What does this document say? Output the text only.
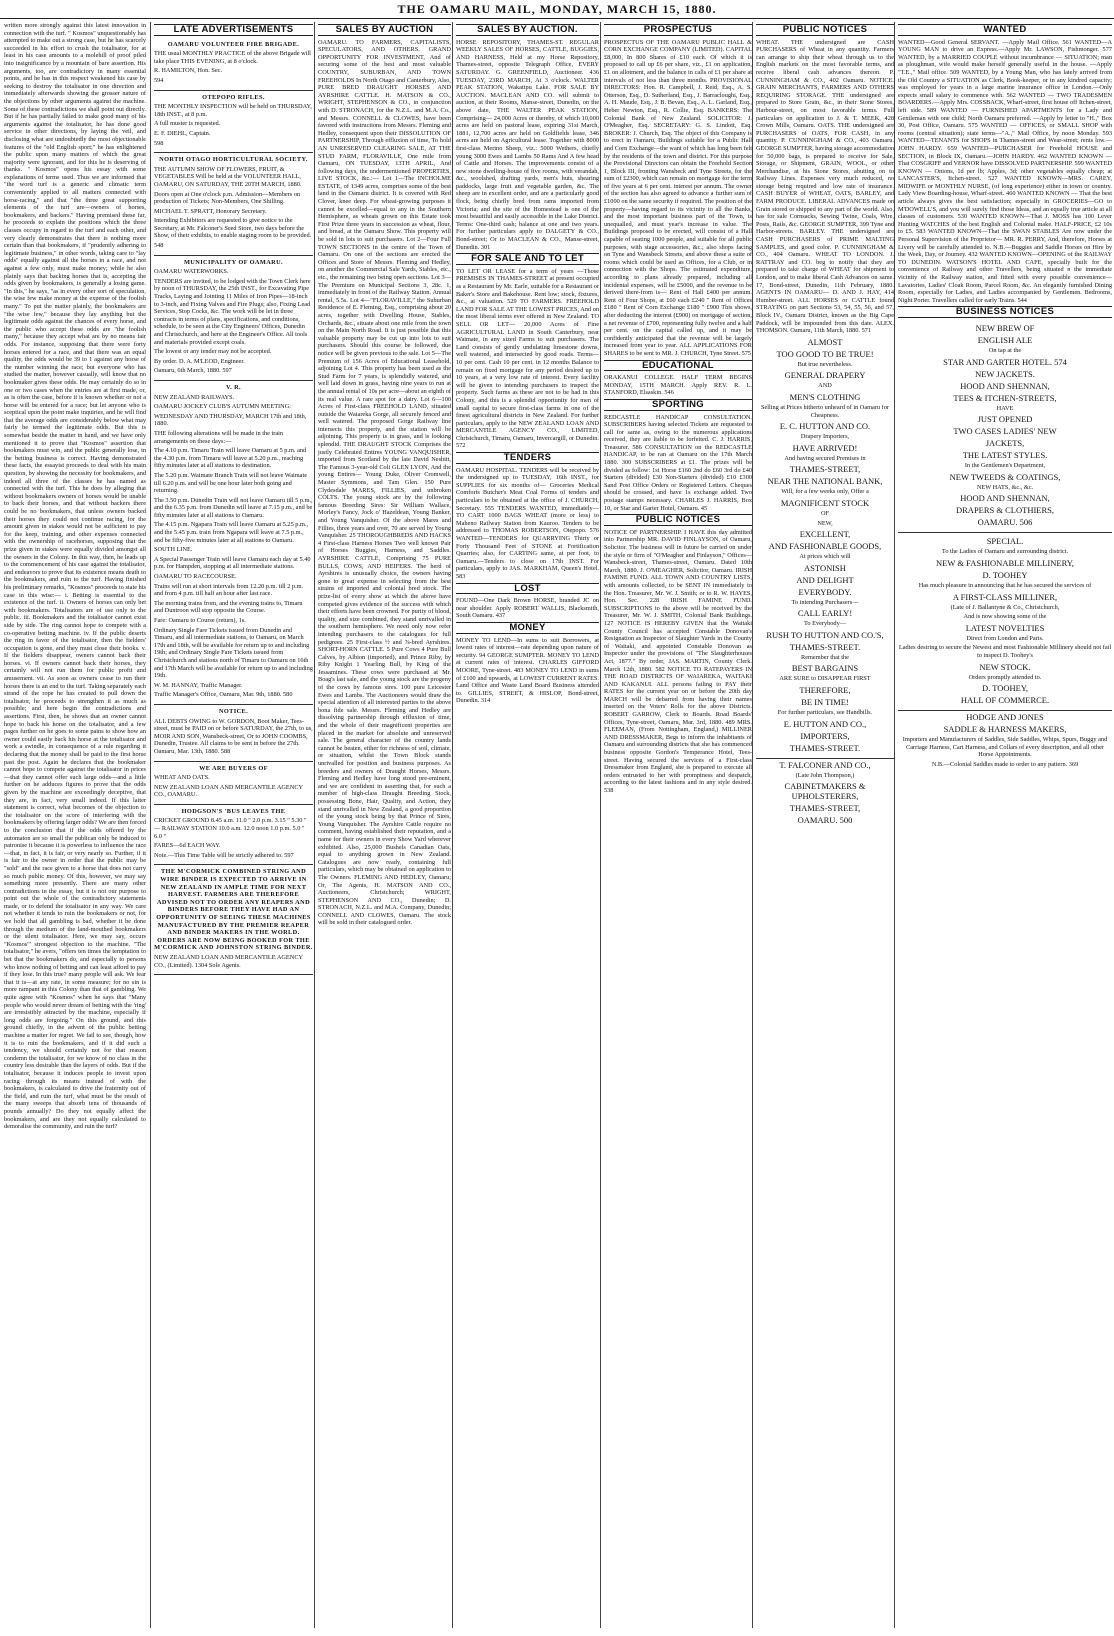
THE OAMARU MAIL, MONDAY, MARCH 15, 1880.
written more strongly against this latest innovation in connection with the turf. " Kosmos" unquestionably has attempted to make out a strong case, but he has scarcely succeeded in his effort to crush the totalisator, for at least in his case amounts to a molehill of proof piled into insignificance by a mountain of bare assertion. His arguments, too, are contradictory in many essential points, and he has in this respect weakened his case by seeking to destroy the totalisator in one direction and immediately afterwards showing the grosser nature of the objections by other arguments against the machine. Some of these contradictions we shall point out directly. But if he has partially failed to make good many of his arguments against the totalisator, he has done good service in other directions, by laying the veil, and disclosing what are undoubtedly the most objectionable features of the "old English sport;" he has enlightened the public upon many matters of which the great majority were ignorant, and for this he is deserving of thanks. " Kosmos" opens his essay with some explanations of terms used. Thus we are informed that "the word turf is a generic and climatic term conveniently applied to all matters connected with horse-racing," and that "the three great supporting elements of the turf are—owners of horses, bookmakers, and backers." Having premised these far, he proceeds to explain the positions which the three classes occupy in regard to the turf and each other, and very clearly demonstrates that there is nothing more certain than that bookmakers, if "prudently adhering to legitimate business," in other words, taking care to "lay odds" equally against all the horses in a race, and not against a few only, must make money; while he also plainly says that backing horses that is, accepting the odds given by bookmakers, is generally a losing game. "In this," he says, "as in every other sort of speculation, the wise few make money at the expense of the foolish many." To put the matter plainly, the bookmakers are "the wise few," because they lay anything but the legitimate odds against the chances of every horse, and the public who accept these odds are "the foolish many," because they accept what are by no means fair odds. For instance, supposing that there were forty horses entered for a race, and that there was an equal quality, the odds would be 39 to 1 against any horse of the number winning the race; but everyone who has studied the matter, however casually, will know that no bookmaker gives these odds. He may certainly do so in one or two cases when the entries are at first made, or, as is often the case, before it is known whether or not a horse will be entered for a race; but let anyone who is sceptical upon the point make inquiries, and he will find that the average odds are considerably below what may fairly be termed the legitimate odds. But this is somewhat beside the matter in hand, and we have only mentioned it to prove that "Kosmos" assertion that bookmakers must win, and the public generally lose, in the betting business is correct. Having demonstrated these facts, the essayist proceeds to deal with his main question, by showing the necessity for bookmakers, and indeed all three of the classes he has named as connected with the turf. This he does by alleging that without bookmakers owners of horses would be unable to back their horses, and that without backers there could be no bookmakers, that unless owners backed their horses they could not continue racing, for the amount given in stakes would not be sufficient to pay for the keep, training, and other expenses connected with the ownership of racehorses, supposing that the prize given in stakes were equally divided amongst all the owners in the Colony. In this way, then, he leads up to the commencement of his case against the totalisator, and endeavors to prove that its existence means death to the bookmakers, and ruin to the turf. Having finished his preliminary remarks, "Kosmos" proceeds to state his case in this wise:— i. Betting is essential to the existence of the turf. ii. Owners of horses can only bet with bookmakers. Totalisators are of use only to the public. iii. Bookmakers and the totalisator cannot exist side by side. The ring cannot hope to compete with a co-operative betting machine. iv. If the public deserts the ring in favor of the totalisator, then the fielders' occupation is gone, and they must close their books. v. If the fielders disappear, owners cannot back their horses. vi. If owners cannot back their horses, they certainly will not run them for public profit and amusement. vii. As soon as owners cease to run their horses there is an end to the turf. Taking separately each strand of the rope he has created to pull down the totalisator, he proceeds to strengthen it as much as possible; and here begin the contradictions and assertions. First, then, he shows that an owner cannot hope to back his horse on the totalisator, and a few pages further on he goes to some pains to show how an owner could easily back his horse at the totalisator and work a swindle, in consequence of a rule regarding it declaring that the money shall be paid to the first horse past the post. Again he declares that the bookmaker cannot hope to compete against the totalisator in prices—that they cannot offer such large odds—and a little further on he adduces figures to prove that the odds given by the machine are exceedingly deceptive, that they are, in fact, very small indeed. If this latter statement is correct, what becomes of the objection to the totalisator on the score of interfering with the bookmakers by offering larger odds? We are then forced to the conclusion that if the odds offered by the automaton are so small the publican only be induced to patronise it because it is powerless to influence the race—that, in fact, it is fair, or very nearly so. Further, if it is fair to the owner in order that the public may be "sold" and the race given to a horse that does not carry so much public money. Of this, however, we may say something more presently. There are many other contradictions in the essay, but it is not our purpose to point out the whole of the contradictory statements made, or to defend the totalisator in any way. We care not whether it tends to ruin the bookmakers or not, for we hold that all gambling is bad, whether it be done through the medium of the land-mouthed bookmakers or the silent totalisator. Here, we may say, occurs "Kosmos'" strongest objection to the machine. "The totalisator," he avers, "offers ten times the temptation to bet that the bookmakers do, and especially to persons who know nothing of betting and can least afford to pay if they lose. In this true? many people will ask. We fear that it is—at any rate, in some measure; for no sin is more rampant in this Colony than that of gambling. We quite agree with "Kosmos" when he says that "Many people who would never dream of betting with the 'ring' are irresistibly attracted by the machine, especially if long odds are forgoing." On this ground, and this ground chiefly, in the advent of the public betting machine a matter for regret. We fail to see, though, how it is to ruin the bookmakers, and if it did such a tendency, we should certainly not for that reason condemn the totalisator, for we know of no class in the country less desirable than the layers of odds. But if the totalisator, because it induces people to invest upon racing through its means instead of with the bookmakers, is calculated to drive the fraternity out of the field, and ruin the turf, what must be the result of the many sweeps that absorb tens of thousands of pounds annually? Do they not equally affect the bookmakers, and are they not equally calculated to demoralise the community, and ruin the turf?
LATE ADVERTISEMENTS

OAMARU VOLUNTEER FIRE BRIGADE.

THE usual MONTHLY PRACTICE of the above Brigade will take place THIS EVENING, at 8 o'clock.

R. HAMILTON, Hon. Sec.

594

OTEPOPO RIFLES.

THE MONTHLY INSPECTION will be held on THURSDAY, 18th INST., at 8 p.m.

A full muster is requested.

E. F. DIEHL, Captain.

598

NORTH OTAGO HORTICULTURAL SOCIETY.

THE AUTUMN SHOW OF FLOWERS, FRUIT, & VEGETABLES Will be held at the VOLUNTEER HALL, OAMARU, ON SATURDAY, THE 20TH MARCH, 1880.

Doors open at One o'clock p.m. Admission—Members on production of Tickets; Non-Members, One Shilling.

MICHAEL T. SPRATT, Honorary Secretary.

Intending Exhibitors are requested to give notice to the Secretary, at Mr. Falconer's Seed Store, two days before the Show, of their exhibits, to enable staging room to be provided.

548

MUNICIPALITY OF OAMARU.

OAMARU WATERWORKS.

TENDERS are invited, to be lodged with the Town Clerk here by noon of THURSDAY, the 25th INST., for Excavating Pipe Tracks, Laying and Jointing 11 Miles of Iron Pipes—18-inch to 3-inch, and Fixing Valves and Fire Plugs; also, Fixing Lead Services, Stop Cocks, &c. The work will be let in three contracts in terms of plans, specifications, and conditions, schedule, to be seen at the City Engineers' Offices, Dunedin and Christchurch, and here at the Engineer's Office. All tools and materials provided except coals.

The lowest or any tender may not be accepted.

By order. D. A. M'LEOD, Engineer.

Oamaru, 6th March, 1880. 597

V. R.

NEW ZEALAND RAILWAYS.

OAMARU JOCKEY CLUB'S AUTUMN MEETING.

WEDNESDAY AND THURSDAY, MARCH 17th and 18th, 1880.

THE following alterations will be made in the train arrangements on these days:—

The 4.10 p.m. Timaru Train will leave Oamaru at 5 p.m. and the 4.30 p.m. from Timaru will leave at 5.20 p.m., reaching fifty minutes later at all stations to destination.

The 5.20 p.m. Waimate Branch Train will not leave Waimate till 6.20 p.m. and will be one hour later both going and returning.

The 3.50 p.m. Dunedin Train will not leave Oamaru till 5 p.m., and the 6.35 p.m. from Dunedin will leave at 7.15 p.m., and be fifty minutes later at all stations to Oamaru.

The 4.15 p.m. Ngapara Train will leave Oamaru at 5.25 p.m., and the 5.45 p.m. train from Ngapara will leave at 7.5 p.m., and be fifty-five minutes later at all stations to Oamaru.

SOUTH LINE.

A Special Passenger Train will leave Oamaru each day at 5.40 p.m. for Hampden, stopping at all intermediate stations.

OAMARU TO RACECOURSE.

Trains will run at short intervals from 12.20 p.m. till 2 p.m. and from 4 p.m. till half an hour after last race.

The morning trains from, and the evening trains to, Timaru and Duntroon will stop opposite the Course.

Fare: Oamaru to Course (return), 1s.

Ordinary Single Fare Tickets issued from Dunedin and Timaru, and all intermediate stations, to Oamaru, on March 17th and 18th, will be available for return up to and including 19th; and Ordinary Single Fare Tickets issued from Christchurch and stations north of Timaru to Oamaru on 16th and 17th March will be available for return up to and including 19th.

W. M. HANNAY, Traffic Manager.

Traffic Manager's Office, Oamaru, Mar. 9th, 1880. 580

NOTICE.

ALL DEBTS OWING to W. GORDON, Boot Maker, Tees-street, must be PAID on or before SATURDAY, the 27th, to us, MOIR AND SON, Wansbeck-street, Or to JOHN COOMBS, Dunedin, Trustee. All claims to be sent in before the 27th. Oamaru, Mar. 13th, 1880. 588

WE ARE BUYERS OF

WHEAT AND OATS.

NEW ZEALAND LOAN AND MERCANTILE AGENCY CO., OAMARU.

HODGSON'S 'BUS LEAVES THE

CRICKET GROUND 8.45 a.m. 11.0 " 2.0 p.m. 3.15 " 5.30 " — RAILWAY STATION 10.0 a.m. 12.0 noon 1.0 p.m. 5.0 " 6.0 "

FARES—6d EACH WAY.

Note.—This Time Table will be strictly adhered to. 597

THE M'CORMICK COMBINED STRING AND WIRE BINDER IS EXPECTED TO ARRIVE IN NEW ZEALAND IN AMPLE TIME FOR NEXT HARVEST. FARMERS ARE THEREFORE ADVISED NOT TO ORDER ANY REAPERS AND BINDERS BEFORE THEY HAVE HAD AN OPPORTUNITY OF SEEING THESE MACHINES MANUFACTURED BY THE PREMIER REAPER AND BINDER MAKERS IN THE WORLD. ORDERS ARE NOW BEING BOOKED FOR THE M'CORMICK AND JOHNSTON STRING BINDER.

NEW ZEALAND LOAN AND MERCANTILE AGENCY CO., (Limited). 1304 Sole Agents.

SALES BY AUCTION
OAMARU. TO FARMERS, CAPITALISTS, SPECULATORS, AND OTHERS. GRAND OPPORTUNITY FOR INVESTMENT, And of securing some of the best and most valuable COUNTRY, SUBURBAN, AND TOWN FREEHOLDS In North Otago and Canterbury, Also, PURE BRED DRAUGHT HORSES AND AYRSHIRE CATTLE. H. MATSON & CO., WRIGHT, STEPHENSON & CO., in conjunction with D. STRONACH, for the N.Z.L. and M.A. Co., and Messrs. CONNELL & CLOWES, have been favored with instructions from Messrs. Fleming and Hedley, consequent upon their DISSOLUTION OF PARTNERSHIP, Through effluxion of time, To hold AN UNRESERVED CLEARING SALE, AT THE STUD FARM, FLORAVILLE, One mile from Oamaru, ON TUESDAY, 13TH APRIL, And following days, the undermentioned PROPERTIES, LIVE STOCK, &c.:— Lot 1—The INCHOLME ESTATE, of 1349 acres, comprises some of the best land in the Oamaru district. It is covered with Red Clover, knee deep. For wheat-growing purposes it cannot be excelled—equal to any in the Southern Hemisphere, as wheats grown on this Estate took First Prize three years in succession as wheat, flour, and bread, at the Oamaru Show. This property will be sold in lots to suit purchasers. Lot 2—Four Full TOWN SECTIONS in the centre of the Town of Oamaru. On one of the sections are erected the Offices and Store of Messrs. Fleming and Hedley, on another the Commercial Sale Yards, Stables, etc., etc., the remaining two being open sections. Lot 3—The Premium on Municipal Sections 3, 28c. 1, immediately in front of the Railway Station. Annual rental, 5.5s. Lot 4—"FLORAVILLE," the Suburban Residence of E. Fleming, Esq., comprising about 20 acres, together with Dwelling House, Stables, Orchards, &c., situate about one mile from the town on the Main North Road. It is just possible that this valuable property may be cut up into lots to suit purchasers. Should this course be followed, due notice will be given previous to the sale. Lot 5—The Premium of 156 Acres of Educational Leasehold, adjoining Lot 4. This property has been used as the Stud Farm for 7 years, is splendidly watered, and well laid down in grass, having nine years to run at the annual rental of 10s per acre—about an eighth of its real value. A rare spot for a dairy. Lot 6—100 Acres of First-class FREEHOLD LAND, situated outside the Waiareka Gorge, all securely fenced and well watered. The proposed Gorge Railway line intersects this property, and the station will be adjoining. This property is in grass, and is looking splendid. THE DRAUGHT STOCK Comprises the justly Celebrated Entires YOUNG VANQUISHER, imported from Scotland by the late David Nesbitt, The Famous 3-year-old Colt GLEN LYON, And the young Entires— Young Duke, Oliver Cromwell, Master Symmons, and Tam Glen. 150 Pure Clydesdale MARES, FILLIES, and unbroken COLTS. The young stock are by the following famous Breeding Sires: Sir William Wallace, Morley's Fancy, Jock o' Hazeldean, Young Banker, and Young Vanquisher. Of the above Mares and Fillies, three years and over, 70 are served by Young Vanquisher. 25 THOROUGHBREDS AND HACKS 4 First-class Harness Horses Two well known Pair of Horses Buggies, Harness, and Saddles. AYRSHIRE CATTLE, Comprising 75 PURE BULLS, COWS, AND HEIFERS. The herd of Ayrshires is unusually choice, the owners having gone to great expense in selecting from the best strains of imported and colonial bred stock. The prize-list of every show at which the above have competed gives evidence of the success with which their efforts have been crowned. For purity of blood, quality, and size combined, they stand unrivalled in the southern hemisphere. We need only now refer intending purchasers to the catalogues for full pedigrees. 25 First-class ½ and ⅞-bred Ayrshires. SHORT-HORN CATTLE. 5 Pure Cows 4 Pure Bull Calves, by Albion (imported), and Prince Riby, by Riby Knight 1 Yearling Bull, by King of the Jessamines. These cows were purchased at Mr. Boag's last sale, and the young stock are the progeny of the cows by famous sires. 100 pure Leicester Ewes and Lambs. The Auctioneers would draw the special attention of all interested parties to the above bona fide sale. Messrs. Fleming and Hedley are dissolving partnership through effluxion of time, and the whole of their magnificent properties are placed in the market for absolute and unreserved sale. The general character of the country lands cannot be beaten, either for richness of soil, climate, or situation, whilst the Town Block stands unrivalled for position and business purposes. As breeders and owners of Draught Horses, Messrs. Fleming and Hedley have long stood pre-eminent, and we are confident in asserting that, for such a number of high-class Draught Breeding Stock, possessing Bone, Hair, Quality, and Action, they stand unrivalled in New Zealand, a good proportion of the young stock being by that Prince of Sires, Young Vanquisher. The Ayrshire Cattle require no comment, having established their reputation, and a name for their owners in every Show Yard wherever exhibited. Also, 25,000 Bushels Canadian Oats, equal to anything grown in New Zealand. Catalogues are now ready, containing full particulars, which may be obtained on application to The Owners. FLEMING AND HEDLEY, Oamaru; Or, The Agents, H. MATSON AND CO., Auctioneers, Christchurch; WRIGHT, STEPHENSON AND CO., Dunedin; D. STRONACH, N.Z.L. and M.A. Company, Dunedin; CONNELL AND CLOWES, Oamaru. The stock will be sold in their catalogued order.
SALES BY AUCTION.
HORSE REPOSITORY, THAMES-ST. REGULAR WEEKLY SALES OF HORSES, CATTLE, BUGGIES, AND HARNESS, Held at my Horse Repository, Thames-street, opposite Telegraph Office, EVERY SATURDAY. G. GREENFIELD, Auctioneer. 436 TUESDAY, 23RD MARCH, At 3 o'clock. WALTER PEAK STATION, Wakatipu Lake. FOR SALE BY AUCTION. MACLEAN AND CO. will submit to auction, at their Rooms, Manse-street, Dunedin, on the above date, THE WALTER PEAK STATION, Comprising— 24,000 Acres or thereby, of which 10,000 acres are held on pastoral lease, expiring 31st March, 1881, 12,700 acres are held on Goldfields lease, 346 acres are held on Agricultural lease. Together with 8000 first-class Merino Sheep, viz.: 5000 Wethers, chiefly young 3000 Ewes and Lambs 50 Rams And A few head of Cattle and Horses. The improvements consist of a new stone dwelling-house of five rooms, with verandah, &c., woolshed, drafting yards, men's huts, shearing paddocks, large fruit and vegetable garden, &c. The sheep are in excellent order, and are a particularly good flock, being chiefly bred from rams imported from Victoria; and the site of the Homestead is one of the most beautiful and easily accessible in the Lake District. Terms: One-third cash; balance at one and two years. For further particulars apply to DALGETY & CO., Bond-street; Or to MACLEAN & CO., Manse-street, Dunedin. 301
FOR SALE AND TO LET
TO LET OR LEASE for a term of years —Those PREMISES IN THAMES-STREET at present occupied as a Restaurant by Mr. Earle, suitable for a Restaurant or Baker's Store and Bakehouse. Rent low; stock, fixtures, &c., at valuation. 529 TO FARMERS. FREEHOLD LAND FOR SALE AT THE LOWEST PRICES, And on the most liberal terms ever offered in New Zealand. TO SELL OR LET— 20,000 Acres of Fine AGRICULTURAL LAND in South Canterbury, near Waimate, in any sized Farms to suit purchasers. The Land consists of gently undulating limestone downs, well watered, and intersected by good roads. Terms— 10 per cent. Cash 10 per cent. in 12 months Balance to remain on fixed mortgage for any period desired up to 10 years, at a very low rate of interest. Every facility will be given to intending purchasers to inspect the property. Such farms as these are not to be had in this Colony, and this is a splendid opportunity for men of small capital to secure first-class farms in one of the finest agricultural districts in New Zealand. For further particulars, apply to the NEW ZEALAND LOAN AND MERCANTILE AGENCY CO., LIMITED, Christchurch, Timaru, Oamaru, Invercargill, or Dunedin. 572
TENDERS
OAMARU HOSPITAL. TENDERS will be received by the undersigned up to TUESDAY, 16th INST., for SUPPLIES for six months of— Groceries Medical Comforts Butcher's Meat Coal Forms of tenders and particulars to be obtained at the office of J. CHURCH, Secretary. 555 TENDERS WANTED, immediately— TO CART 1000 BAGS WHEAT (more or less) to Maheno Railway Station from Kauroo. Tenders to be addressed to THOMAS ROBERTSON, Otepopo. 576 WANTED—TENDERS for QUARRYING Thirty or Forty Thousand Feet of STONE at Fortification Quarries; also, for CARTING same, at per foot, to Oamaru.—Tenders to close on 17th INST. For particulars, apply to JAS. MARKHAM, Queen's Hotel. 583
LOST
FOUND—One Dark Brown HORSE, branded JC on near shoulder. Apply ROBERT WALLIS, Blacksmith, South Oamaru. 437
MONEY
MONEY TO LEND—In sums to suit Borrowers, at lowest rates of interest—rate depending upon nature of security. 94 GEORGE SUMPTER. MONEY TO LEND at current rates of interest. CHARLES GIFFORD MOORE, Tyne-street. 483 MONEY TO LEND in sums of £100 and upwards, at LOWEST CURRENT RATES. Land Office and Waste Land Board Business attended to. GILLIES, STREET, & HISLOP, Bond-street, Dunedin. 314
PROSPECTUS
PROSPECTUS OF THE OAMARU PUBLIC HALL & CORN EXCHANGE COMPANY (LIMITED). CAPITAL £8,000, In 800 Shares of £10 each. Of which it is proposed to call up £6 per share, viz., £1 on application, £1 on allotment, and the balance in calls of £1 per share at intervals of not less than three months. PROVISIONAL DIRECTORS: Hon. R. Campbell, J. Reid, Esq., A. S. Otterson, Esq., D. Sutherland, Esq., J. Barracloughi, Esq., A. H. Maude, Esq., J. B. Bevan, Esq., A. L. Garland, Esq., Heber Newton, Esq., R. Collie, Esq. BANKERS: The Colonial Bank of New Zealand. SOLICITOR: J. O'Meagher, Esq. SECRETARY: G. S. Lindott, Esq. BROKER: J. Church, Esq. The object of this Company is to erect in Oamaru, Buildings suitable for a Public Hall and Corn Exchange—the want of which has long been felt by the residents of the town and district. For this purpose the Provisional Directors can obtain the Freehold Section 1, Block III, fronting Wansbeck and Tyne Streets, for the sum of £2300, which can remain on mortgage for the term of five years at 6 per cent. interest per annum. The owner of the section has also agreed to advance a further sum of £1000 on the same security if required. The position of the property—having regard to its vicinity to all the Banks, and the most important business part of the Town, is unequalled, and must year's increase in value. The Buildings proposed to be erected, will consist of a Hall capable of seating 1000 people, and suitable for all public purposes, with stage accessories, &c.; also shops facing on Tyne and Wansbeck Streets, and above these a suite of rooms which could be used as Offices, for a Club, or in connection with the Shops. The estimated expenditure, according to plans already prepared, including all incidental expenses, will be £5000, and the revenue to be derived there-from is— Rent of Hall £400 per annum. Rent of Four Shops, at £60 each £240 " Rent of Offices £180 " Rent of Corn Exchange £180 " £900 This shows, after deducting the interest (£900) on mortgage of section, a net revenue of £700, representing fully twelve and a half per cent. on the capital called up, and it may be confidently anticipated that the revenue will be largely increased from year to year. ALL APPLICATIONS FOR SHARES to be sent to MR. J. CHURCH, Tyne Street. 575
EDUCATIONAL
ORAKANUI COLLEGE. HALF TERM BEGINS MONDAY, 15TH MARCH. Apply REV. R. L. STANFORD, Elsaskin. 546
SPORTING
REDCASTLE HANDICAP CONSULTATION. SUBSCRIBERS having selected Tickets are requested to call for same as, owing to the numerous applications received, they are liable to be forfeited. C. J. HARRIS, Treasurer. 586 CONSULTATION on the REDCASTLE HANDICAP, to be ran at Oamaru on the 17th March 1880. 300 SUBSCRIBERS at £1. The prizes will be divided as follow: 1st Horse £160 2nd do £60 3rd do £40 Starters (divided) £30 Non-Starters (divided) £10 £300 Sand Post Office Orders or Registered Letters. Cheques should be crossed, and have 1s exchange added. Two postage stamps necessary. CHARLES J. HARRIS, Box 10, or Star and Garter Hotel, Oamaru. 45
PUBLIC NOTICES
NOTICE OF PARTNERSHIP. I HAVE this day admitted into Partnership MR. DAVID FINLAYSON, of Oamaru, Solicitor. The business will in future be carried on under the style or firm of "O'Meagher and Finlayson," Offices—Wansbeck-street, Thames-street, Oamaru. Dated 10th March, 1880. J. O'MEAGHER, Solicitor, Oamaru. IRISH FAMINE FUND. ALL TOWN AND COUNTRY LISTS, with amounts collected, to be SENT IN immediately to the Hon. Treasurer, Mr. W. J. Smith; or to R. W. HAYES, Hon. Sec. 228 IRISH FAMINE FUND. SUBSCRIPTIONS to the above will be received by the Treasurer, Mr. W. J. SMITH, Colonial Bank Buildings. 127 NOTICE IS HEREBY GIVEN that the Waitaki County Council has accepted Constable Donovan's Resignation as Inspector of Slaughter Yards in the County of Waitaki, and appointed Constable Donovan as Inspector under the provisions of "The Slaughterhouses Act, 1877." By order, JAS. MARTIN, County Clerk. March 12th, 1880. 582 NOTICE TO RATEPAYERS IN THE ROAD DISTRICTS OF WAIAREKA, WAITAKI AND KAKANUI. ALL persons failing to PAY their RATES for the current year on or before the 20th day MARCH will be debarred from having their names inserted on the Voters' Rolls for the above Districts. ROBERT GARROW, Clerk to Boards. Road Boards' Offices, Tyne-street, Oamaru, Mar. 3rd, 1880. 489 MRS. FLEEMAN, (From Nottingham, England,) MILLINER AND DRESSMAKER, Begs to inform the inhabitants of Oamaru and surrounding districts that she has commenced business opposite Gordon's Temperance Hotel, Tees-street. Having secured the services of a First-class Dressmaker from England, she is prepared to execute all orders entrusted to her with promptness and despatch, according to the latest fashions and in any style desired. 538
PUBLIC NOTICES
WHEAT. THE undersigned are CASH PURCHASERS of Wheat in any quantity. Farmers can arrange to ship their wheat through us to the English markets on the most favorable terms, and receive liberal cash advances thereon. P. CUNNINGHAM & CO., 402 Oamaru. NOTICE. GRAIN MERCHANTS, FARMERS AND OTHERS REQUIRING STORAGE. THE undersigned are prepared to Store Grain, &c., in their Stone Stores, Harbour-street, on most favorable terms. Full particulars on application to J. & T. MEEK, 428 Crown Mills, Oamaru. OATS. THE undersigned are PURCHASERS of OATS, FOR CASH, in any quantity. P. CUNNINGHAM & CO., 403 Oamaru. GEORGE SUMPTER, having storage accommodation for 50,000 bags, is prepared to receive for Sale, Storage, or Shipment, GRAIN, WOOL, or other Merchandise, at his Stone Stores, abutting on to Railway Lines. Expenses very much reduced, no storage being required and low rate of insurance. CASH BUYER of WHEAT, OATS, BARLEY, and FARM PRODUCE. LIBERAL ADVANCES made on Grain stored or shipped to any part of the world. Also, has for sale Cornsacks, Sewing Twine, Coals, Wire, Posts, Rails, &c. GEORGE SUMPTER, 399 Tyne and Harbor-streets. BARLEY. THE undersigned are CASH PURCHASERS of PRIME MALTING SAMPLES, and good color. P. CUNNINGHAM & CO., 404 Oamaru. WHEAT TO LONDON. J. RATTRAY and CO. beg to notify that they are prepared to take charge of WHEAT for shipment to London, and to make liberal Cash Advances on same. 17, Bond-street, Dunedin, 11th February, 1880. AGENTS IN OAMARU— D. AND J. HAY, 414 Humber-street. ALL HORSES or CATTLE found STRAYING on part Sections 53, 54, 55, 56, and 57, Block IV., Oamaru District, known as the Big Cape Paddock, will be impounded from this date. ALEX. THOMSON. Oamaru, 11th March, 1880. 571

ALMOST

TOO GOOD TO BE TRUE!

But true nevertheless.

GENERAL DRAPERY

AND

MEN'S CLOTHING

Selling at Prices hitherto unheard of in Oamaru for Cheapness.

E. C. HUTTON AND CO.

Drapery Importers,

HAVE ARRIVED!

And having secured Premises in

THAMES-STREET,

NEAR THE NATIONAL BANK,

Will, for a few weeks only, Offer a

MAGNIFICENT STOCK

OF

NEW,

EXCELLENT,

AND FASHIONABLE GOODS,

At prices which will

ASTONISH

AND DELIGHT

EVERYBODY.

To intending Purchasers—

CALL EARLY!

To Everybody—

RUSH TO HUTTON AND CO.'S,

THAMES-STREET.

Remember that the

BEST BARGAINS

ARE SURE to DISAPPEAR FIRST

THEREFORE,

BE IN TIME!

For further particulars, see Handbills.

E. HUTTON AND CO.,

IMPORTERS,

THAMES-STREET.

T. FALCONER AND CO.,

(Late John Thompson,)

CABINETMAKERS & UPHOLSTERERS,

THAMES-STREET,

OAMARU. 500

WANTED
WANTED—Good General SERVANT. —Apply Mail Office. 561 WANTED—A YOUNG MAN to drive an Express.—Apply Mr. LAWSON, Fishmonger. 577 WANTED, by a MARRIED COUPLE without incumbrance — SITUATION; man as ploughman, wife would make herself generally useful in the house. —Apply "T.E.," Mail office. 509 WANTED, by a Young Man, who has lately arrived from the Old Country a SITUATION as Clerk, Book-keeper, or in any kindred capacity; was employed for years in a large marine insurance office in London.—Only expects small salary to commence with. 562 WANTED — TWO TRADESMEN BOARDERS.—Apply Mrs. COSSBACK, Wharf-street, first house off Itchen-street, left side. 589 WANTED — FURNISHED APARTMENTS for a Lady and Gentleman with one child; North Oamaru preferred. —Apply by letter to "H.," Box 30, Post Office, Oamaru. 575 WANTED — OFFICES, or SMALL SHOP with rooms (central situation); state terms—"A.," Mail Office, by noon Monday. 593 WANTED—TENANTS for SHOPS in Thames-street and Wear-street; rents low.—JOHN HARDY. 659 WANTED—PURCHASER for Freehold HOUSE and SECTION, in Block IX, Oamaru.—JOHN HARDY. 462 WANTED KNOWN — That COSGRIFF and VERNOR have DISSOLVED PARTNERSHIP. 599 WANTED KNOWN — Onions, 1d per lb; Apples, 3d; other vegetables equally cheap; at LANCASTER'S, Itchen-street. 527 WANTED KNOWN—MRS. CAREY, MIDWIFE or MONTHLY NURSE, (of long experience) either in town or country. Lady View Boarding-house, Wharf-street. 460 WANTED KNOWN — That the best article always gives the best satisfaction; especially in GROCERIES—GO to M'DOWELL'S, and you will surely find those Ideas, and an equally true article at all classes of customers. 530 WANTED KNOWN—That J. MOSS has 100 Lever Hunting WATCHES of the best English and Colonial make. HALF-PRICE, £2 10s to £5. 583 WANTED KNOWN—That the SWAN STABLES Are now under the Personal Supervision of the Proprietor— MR. R. PERRY, And, therefore, Horses at Livery will be carefully attended to. N.B.—Buggies and Saddle Horses on Hire by the Week, Day, or Journey. 432 WANTED KNOWN—OPENING of the RAILWAY TO DUNEDIN. WATSON'S HOTEL AND CAFE, specially built for the convenience of Railway and other Travellers, being situated n the immediate vicinity of the Railway station, and fitted with every possible convenience—Lavatories, Ladies' Cloak Room, Parcel Room, &c. An elegantly furnished Dining Room, especially for Ladies, and Ladies accompanied by Gentlemen. Bedrooms, Night Porter. Travellers called for early Trains. 544
BUSINESS NOTICES

NEW BREW OF

ENGLISH ALE

On tap at the

STAR AND GARTER HOTEL. 574

NEW JACKETS.

HOOD AND SHENNAN,

TEES & ITCHEN-STREETS,

HAVE

JUST OPENED

TWO CASES LADIES' NEW

JACKETS,

THE LATEST STYLES.

In the Gentlemen's Department,

NEW TWEEDS & COATINGS,

NEW HATS, &c., &c.

HOOD AND SHENNAN,

DRAPERS & CLOTHIERS,

OAMARU. 506

SPECIAL.

To the Ladies of Oamaru and surrounding district.

NEW & FASHIONABLE MILLINERY,

D. TOOHEY

Has much pleasure in announcing that he has secured the services of

A FIRST-CLASS MILLINER,

(Late of J. Ballantyne & Co., Christchurch,

And is now showing some of the

LATEST NOVELTIES

Direct from London and Paris.

Ladies desiring to secure the Newest and most Fashionable Millinery should not fail to inspect D. Toohey's

NEW STOCK.

Orders promptly attended to.

D. TOOHEY,

HALL OF COMMERCE.

HODGE AND JONES

SADDLE & HARNESS MAKERS,

Importers and Manufacturers of Saddles, Side Saddles, Whips, Spurs, Buggy and Carriage Harness, Cart Harness, and Collars of every description, and all other Horse Appointments.

N.B.—Colonial Saddles made to order to any pattern. 369
